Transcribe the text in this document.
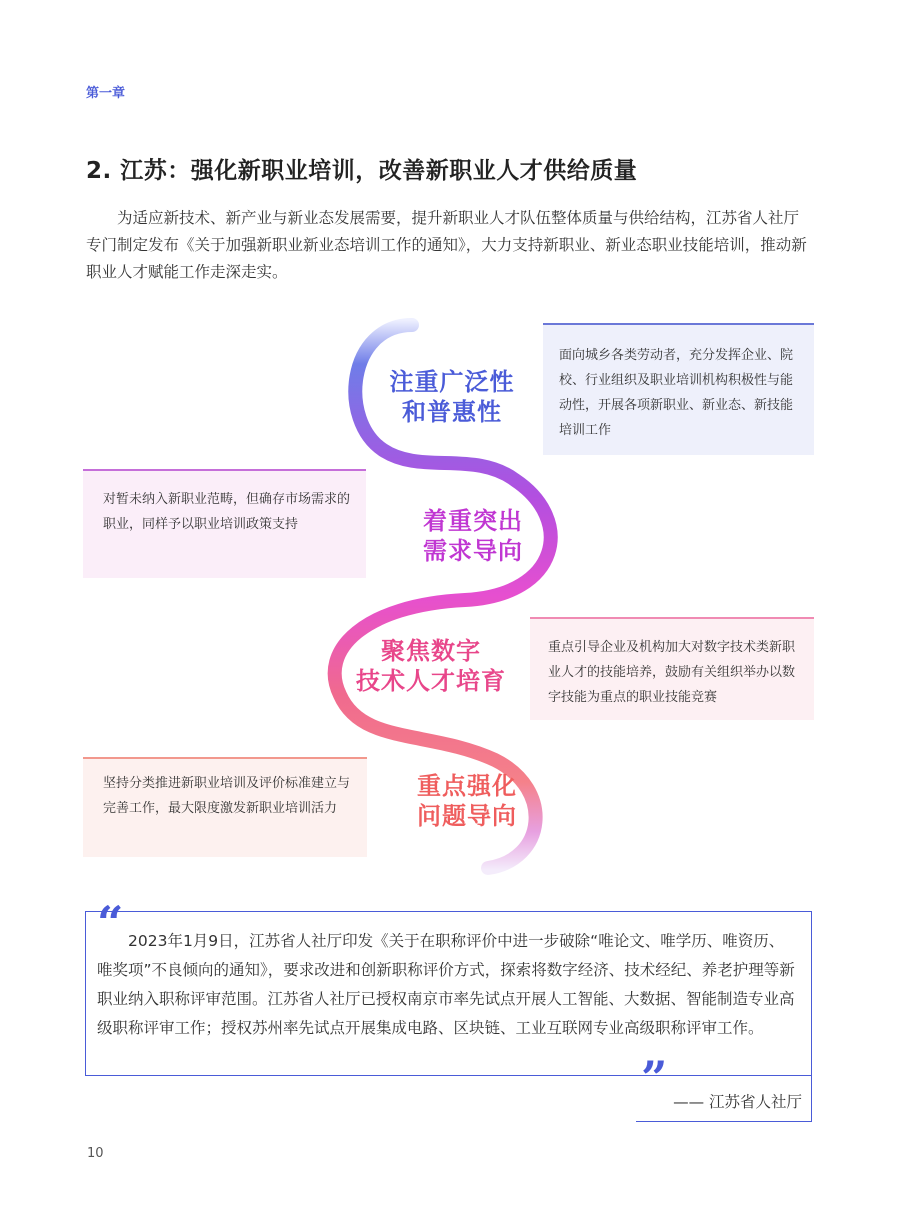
第一章
2. 江苏：强化新职业培训，改善新职业人才供给质量

为适应新技术、新产业与新业态发展需要，提升新职业人才队伍整体质量与供给结构，江苏省人社厅专门制定发布《关于加强新职业新业态培训工作的通知》，大力支持新职业、新业态职业技能培训，推动新职业人才赋能工作走深走实。

注重广泛性
和普惠性
着重突出
需求导向
聚焦数字
技术人才培育
重点强化
问题导向
面向城乡各类劳动者，充分发挥企业、院校、行业组织及职业培训机构积极性与能动性，开展各项新职业、新业态、新技能培训工作
对暂未纳入新职业范畴，但确存市场需求的职业，同样予以职业培训政策支持
重点引导企业及机构加大对数字技术类新职业人才的技能培养，鼓励有关组织举办以数字技能为重点的职业技能竞赛
坚持分类推进新职业培训及评价标准建立与完善工作，最大限度激发新职业培训活力
“ 2023年1月9日，江苏省人社厅印发《关于在职称评价中进一步破除“唯论文、唯学历、唯资历、唯奖项”不良倾向的通知》，要求改进和创新职称评价方式，探索将数字经济、技术经纪、养老护理等新职业纳入职称评审范围。江苏省人社厅已授权南京市率先试点开展人工智能、大数据、智能制造专业高级职称评审工作；授权苏州率先试点开展集成电路、区块链、工业互联网专业高级职称评审工作。

” —— 江苏省人社厅
10
